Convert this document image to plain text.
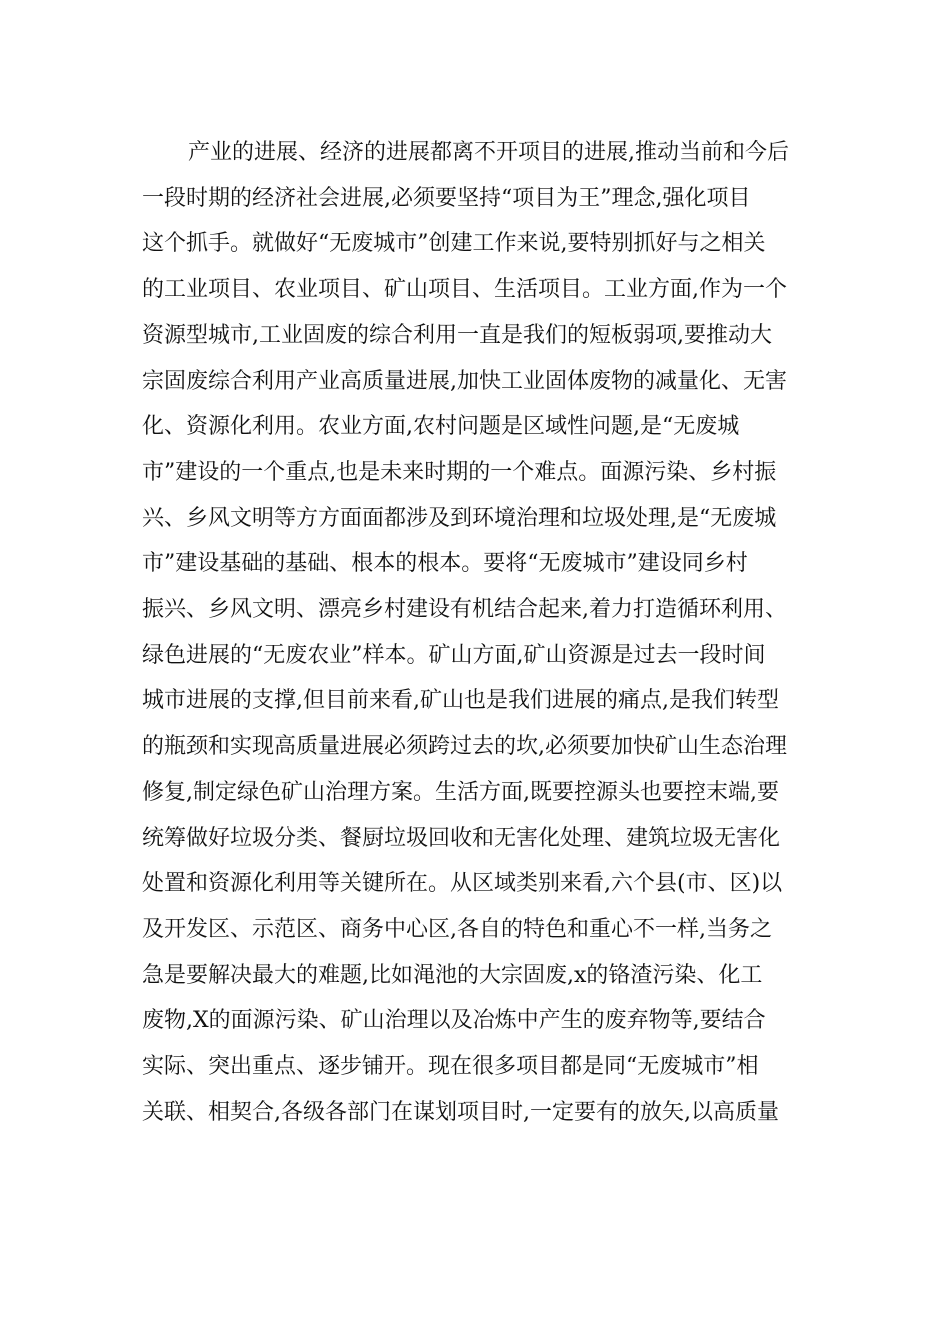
产业的进展、经济的进展都离不开项目的进展,推动当前和今后
一段时期的经济社会进展,必须要坚持“项目为王”理念,强化项目
这个抓手。就做好“无废城市”创建工作来说,要特别抓好与之相关
的工业项目、农业项目、矿山项目、生活项目。工业方面,作为一个
资源型城市,工业固废的综合利用一直是我们的短板弱项,要推动大
宗固废综合利用产业高质量进展,加快工业固体废物的减量化、无害
化、资源化利用。农业方面,农村问题是区域性问题,是“无废城
市”建设的一个重点,也是未来时期的一个难点。面源污染、乡村振
兴、乡风文明等方方面面都涉及到环境治理和垃圾处理,是“无废城
市”建设基础的基础、根本的根本。要将“无废城市”建设同乡村
振兴、乡风文明、漂亮乡村建设有机结合起来,着力打造循环利用、
绿色进展的“无废农业”样本。矿山方面,矿山资源是过去一段时间
城市进展的支撑,但目前来看,矿山也是我们进展的痛点,是我们转型
的瓶颈和实现高质量进展必须跨过去的坎,必须要加快矿山生态治理
修复,制定绿色矿山治理方案。生活方面,既要控源头也要控末端,要
统筹做好垃圾分类、餐厨垃圾回收和无害化处理、建筑垃圾无害化
处置和资源化利用等关键所在。从区域类别来看,六个县(市、区)以
及开发区、示范区、商务中心区,各自的特色和重心不一样,当务之
急是要解决最大的难题,比如渑池的大宗固废,x的铬渣污染、化工
废物,X的面源污染、矿山治理以及冶炼中产生的废弃物等,要结合
实际、突出重点、逐步铺开。现在很多项目都是同“无废城市”相
关联、相契合,各级各部门在谋划项目时,一定要有的放矢,以高质量
